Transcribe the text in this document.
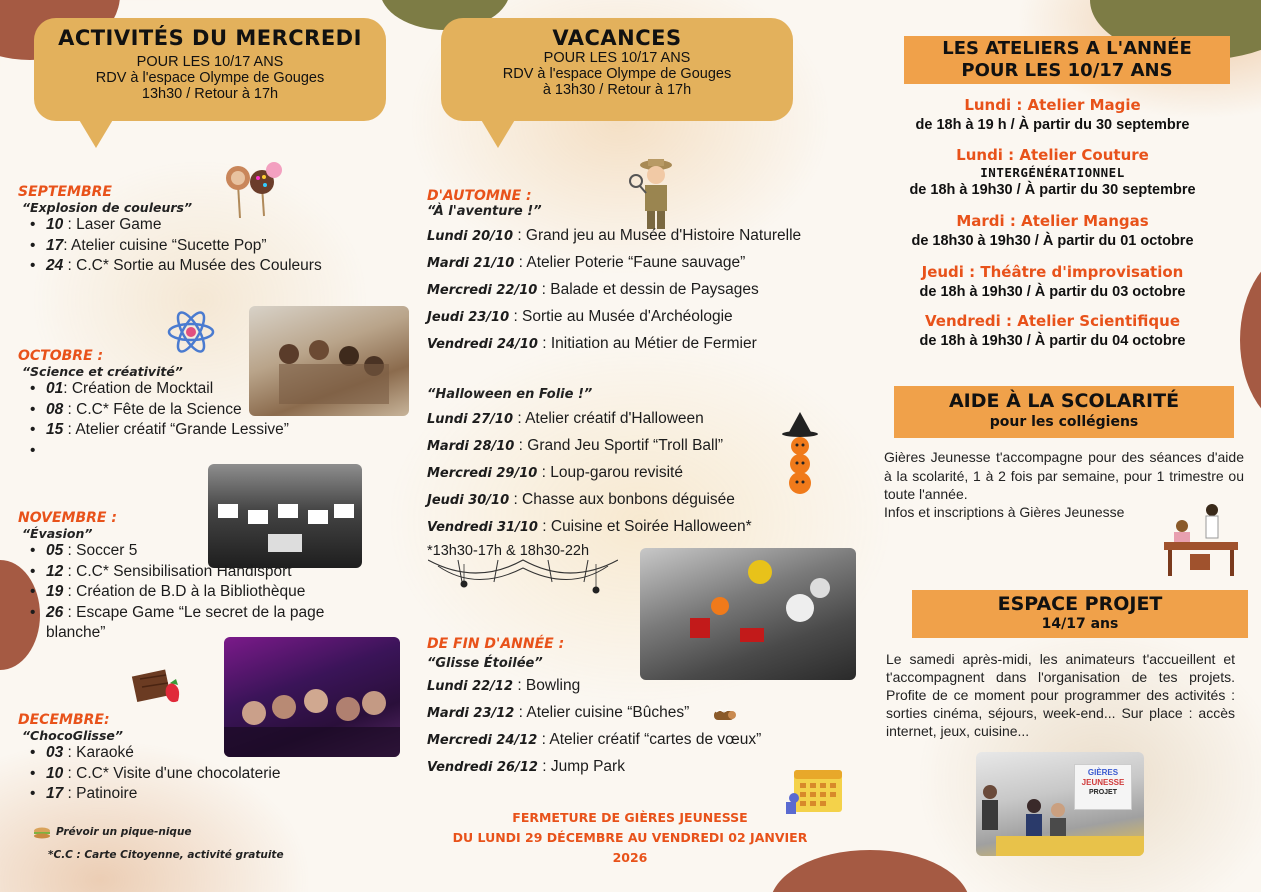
ACTIVITÉS DU MERCREDI
POUR LES 10/17 ANS
RDV à l'espace Olympe de Gouges
13h30 / Retour à 17h
SEPTEMBRE
“Explosion de couleurs”
• 10 : Laser Game
• 17: Atelier cuisine “Sucette Pop”
• 24 : C.C* Sortie au Musée des Couleurs
OCTOBRE :
“Science et créativité”
• 01: Création de Mocktail
• 08 : C.C* Fête de la Science
• 15 : Atelier créatif “Grande Lessive”
NOVEMBRE :
“Évasion”
• 05 : Soccer 5
• 12 : C.C* Sensibilisation Handisport
• 19 : Création de B.D à la Bibliothèque
• 26 : Escape Game “Le secret de la page blanche”
DECEMBRE:
“ChocoGlisse”
• 03 : Karaoké
• 10 : C.C* Visite d'une chocolaterie
• 17 : Patinoire
Prévoir un pique-nique
*C.C : Carte Citoyenne, activité gratuite
VACANCES
POUR LES 10/17 ANS
RDV à l'espace Olympe de Gouges
à 13h30 / Retour à 17h
D'AUTOMNE :
“À l'aventure !”
Lundi 20/10 : Grand jeu au Musée d'Histoire Naturelle
Mardi 21/10 : Atelier Poterie “Faune sauvage”
Mercredi 22/10 : Balade et dessin de Paysages
Jeudi 23/10 : Sortie au Musée d'Archéologie
Vendredi 24/10 : Initiation au Métier de Fermier
“Halloween en Folie !”
Lundi 27/10 : Atelier créatif d'Halloween
Mardi 28/10 : Grand Jeu Sportif “Troll Ball”
Mercredi 29/10 : Loup-garou revisité
Jeudi 30/10 : Chasse aux bonbons déguisée
Vendredi 31/10 : Cuisine et Soirée Halloween*
*13h30-17h & 18h30-22h
DE FIN D'ANNÉE :
“Glisse Étoilée”
Lundi 22/12 : Bowling
Mardi 23/12 : Atelier cuisine “Bûches”
Mercredi 24/12 : Atelier créatif “cartes de vœux”
Vendredi 26/12 : Jump Park
FERMETURE DE GIÈRES JEUNESSE
DU LUNDI 29 DÉCEMBRE AU VENDREDI 02 JANVIER
2026
LES ATELIERS A L'ANNÉE
POUR LES 10/17 ANS
Lundi : Atelier Magie
de 18h à 19 h / À partir du 30 septembre
Lundi : Atelier Couture
INTERGÉNÉRATIONNEL
de 18h à 19h30 / À partir du 30 septembre
Mardi : Atelier Mangas
de 18h30 à 19h30 / À partir du 01 octobre
Jeudi : Théâtre d'improvisation
de 18h à 19h30 / À partir du 03 octobre
Vendredi : Atelier Scientifique
de 18h à 19h30 / À partir du 04 octobre
AIDE À LA SCOLARITÉ
pour les collégiens
Gières Jeunesse t'accompagne pour des séances d'aide à la scolarité, 1 à 2 fois par semaine, pour 1 trimestre ou toute l'année.
Infos et inscriptions à Gières Jeunesse
ESPACE PROJET
14/17 ans
Le samedi après-midi, les animateurs t'accueillent et t'accompagnent dans l'organisation de tes projets. Profite de ce moment pour programmer des activités : sorties cinéma, séjours, week-end... Sur place : accès internet, jeux, cuisine...
GIÈRES
JEUNESSE
PROJET
